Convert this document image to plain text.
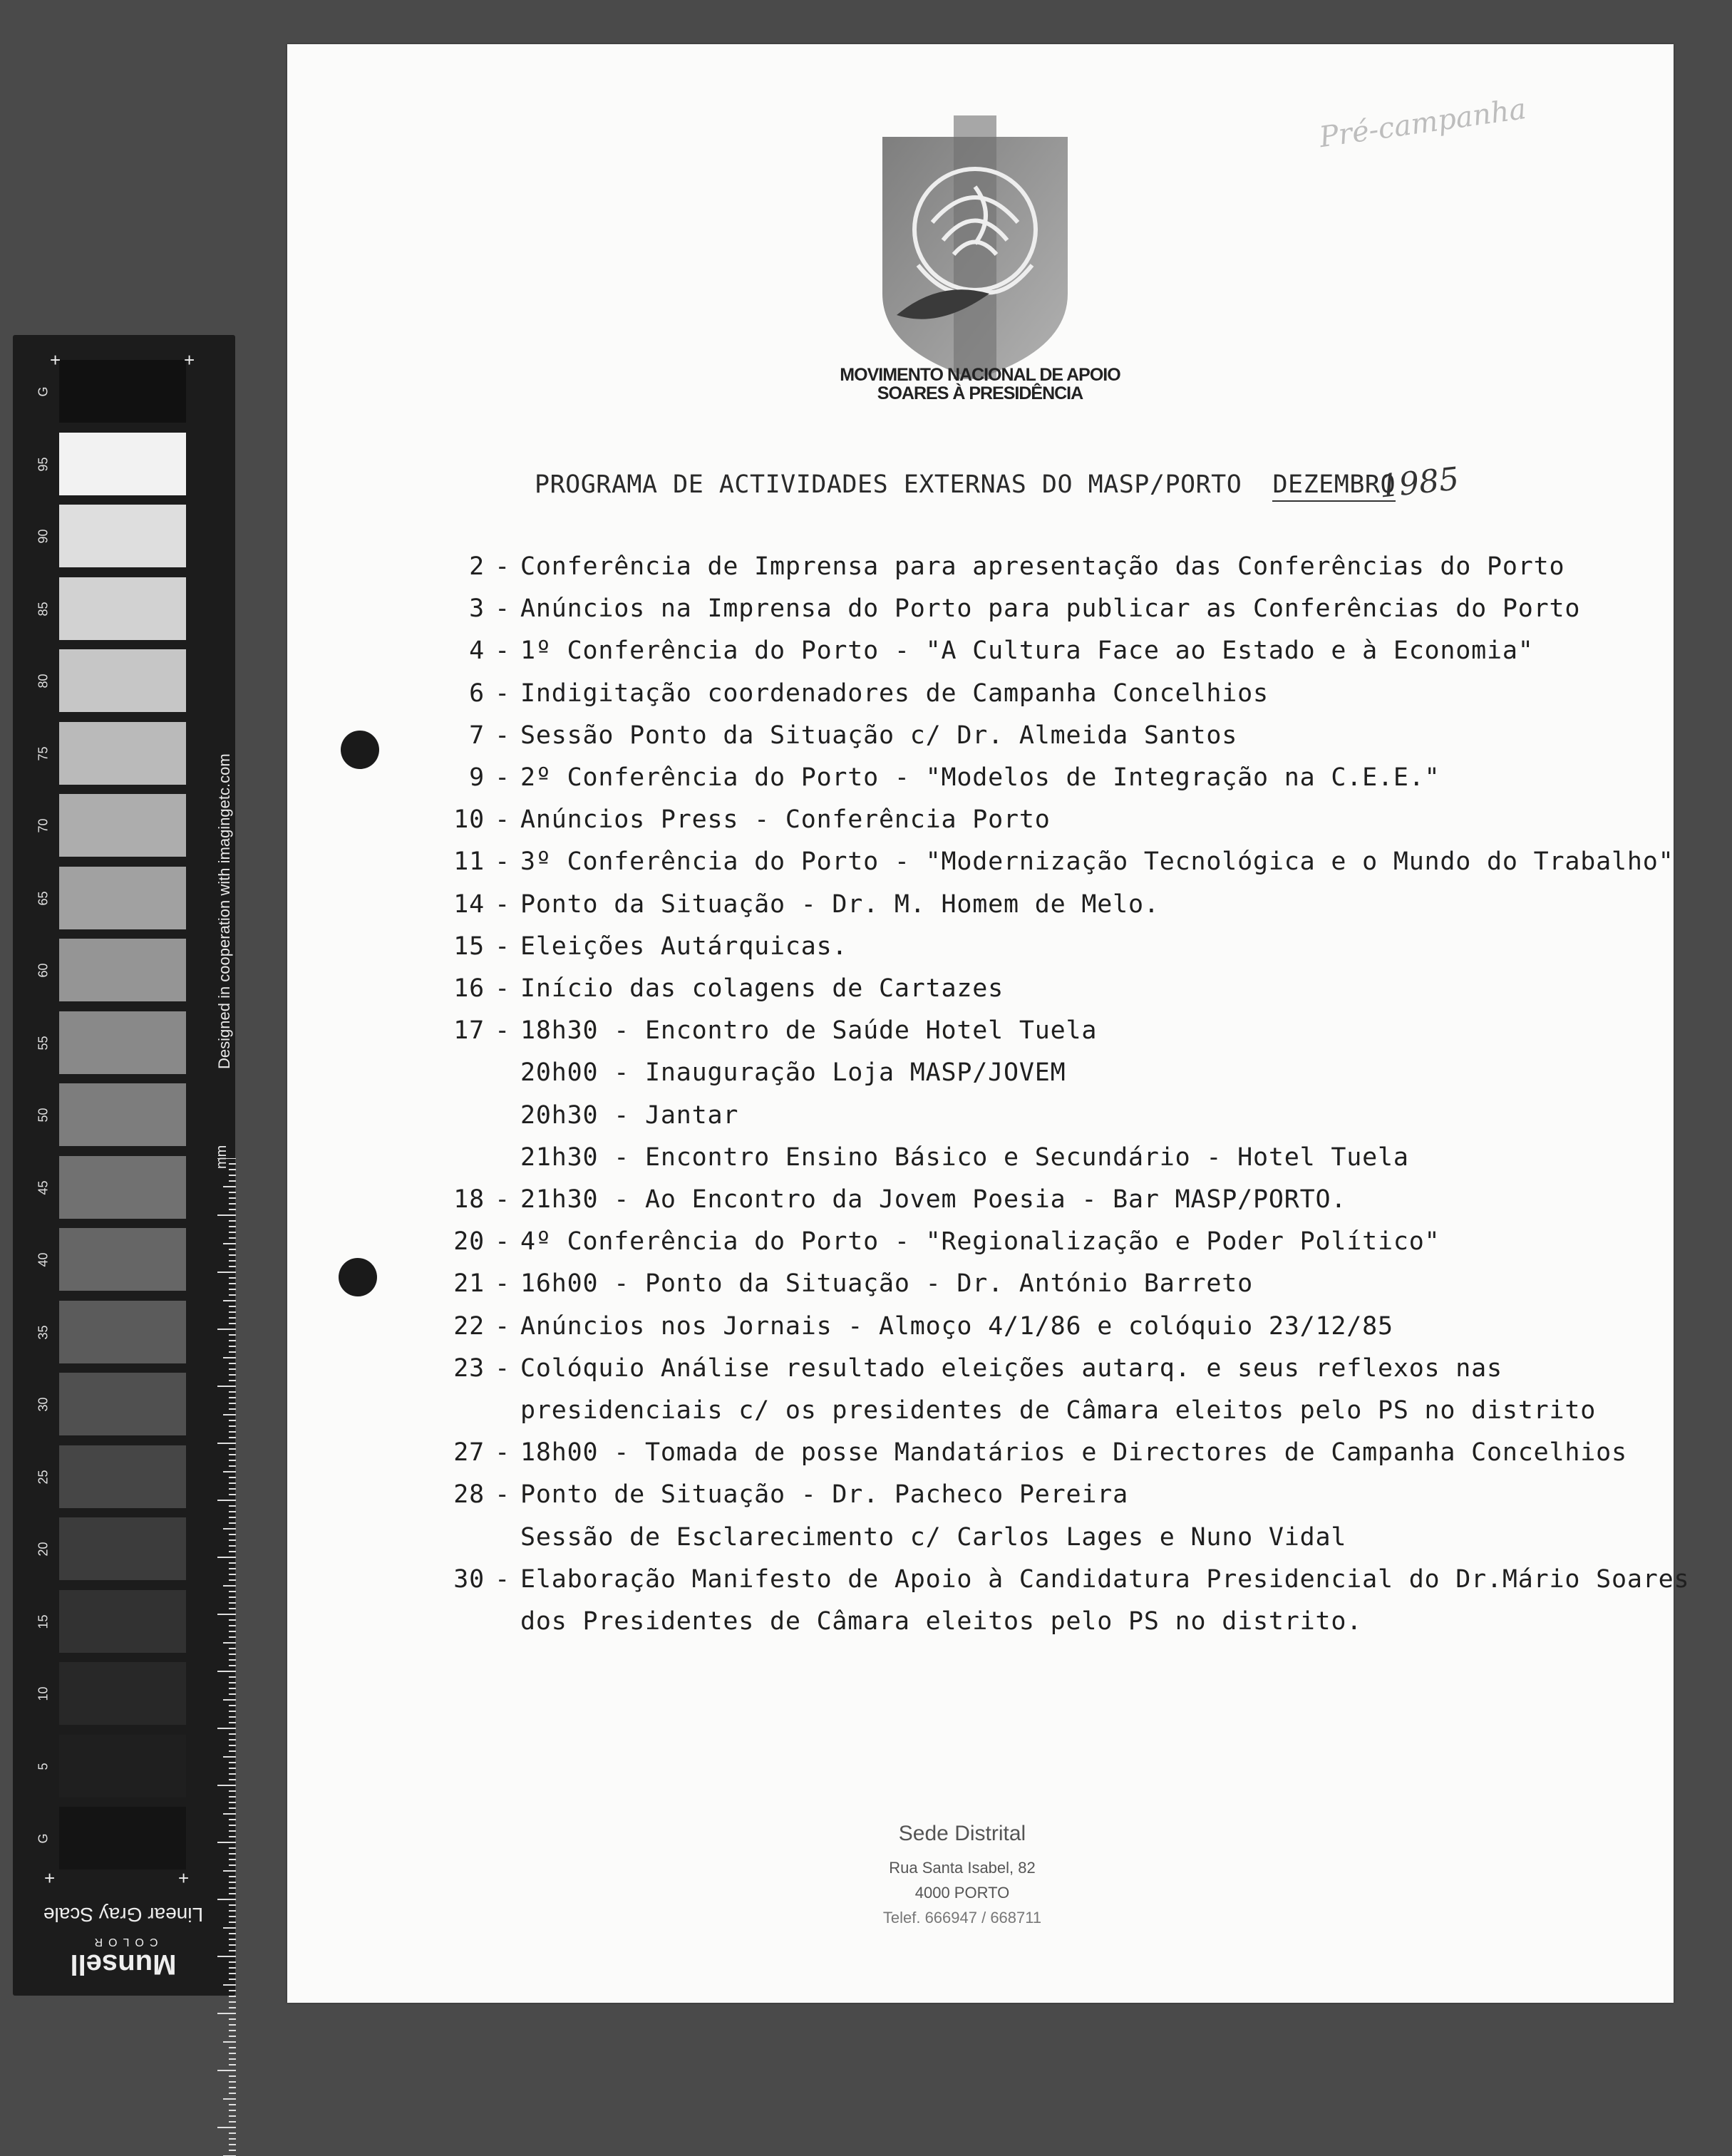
G
95
90
85
80
75
70
65
60
55
50
45
40
35
30
25
20
15
10
5
G
Designed in cooperation with imagingetc.com
mm
+	+
+	+
Linear Gray Scale
Munsell
COLOR
MOVIMENTO NACIONAL DE APOIO
SOARES À PRESIDÊNCIA
Pré-campanha
PROGRAMA DE ACTIVIDADES EXTERNAS DO MASP/PORTO DEZEMBRO
1985
2 - Conferência de Imprensa para apresentação das Conferências do Porto
3 - Anúncios na Imprensa do Porto para publicar as Conferências do Porto
4 - 1º Conferência do Porto - "A Cultura Face ao Estado e à Economia"
6 - Indigitação coordenadores de Campanha Concelhios
7 - Sessão Ponto da Situação c/ Dr. Almeida Santos
9 - 2º Conferência do Porto - "Modelos de Integração na C.E.E."
10 - Anúncios Press - Conferência Porto
11 - 3º Conferência do Porto - "Modernização Tecnológica e o Mundo do Trabalho"
14 - Ponto da Situação - Dr. M. Homem de Melo.
15 - Eleições Autárquicas.
16 - Início das colagens de Cartazes
17 - 18h30 - Encontro de Saúde Hotel Tuela
20h00 - Inauguração Loja MASP/JOVEM
20h30 - Jantar
21h30 - Encontro Ensino Básico e Secundário - Hotel Tuela
18 - 21h30 - Ao Encontro da Jovem Poesia - Bar MASP/PORTO.
20 - 4º Conferência do Porto - "Regionalização e Poder Político"
21 - 16h00 - Ponto da Situação - Dr. António Barreto
22 - Anúncios nos Jornais - Almoço 4/1/86 e colóquio 23/12/85
23 - Colóquio Análise resultado eleições autarq. e seus reflexos nas
presidenciais c/ os presidentes de Câmara eleitos pelo PS no distrito
27 - 18h00 - Tomada de posse Mandatários e Directores de Campanha Concelhios
28 - Ponto de Situação - Dr. Pacheco Pereira
Sessão de Esclarecimento c/ Carlos Lages e Nuno Vidal
30 - Elaboração Manifesto de Apoio à Candidatura Presidencial do Dr.Mário Soares
dos Presidentes de Câmara eleitos pelo PS no distrito.
Sede Distrital
Rua Santa Isabel, 82
4000 PORTO
Telef. 666947 / 668711
